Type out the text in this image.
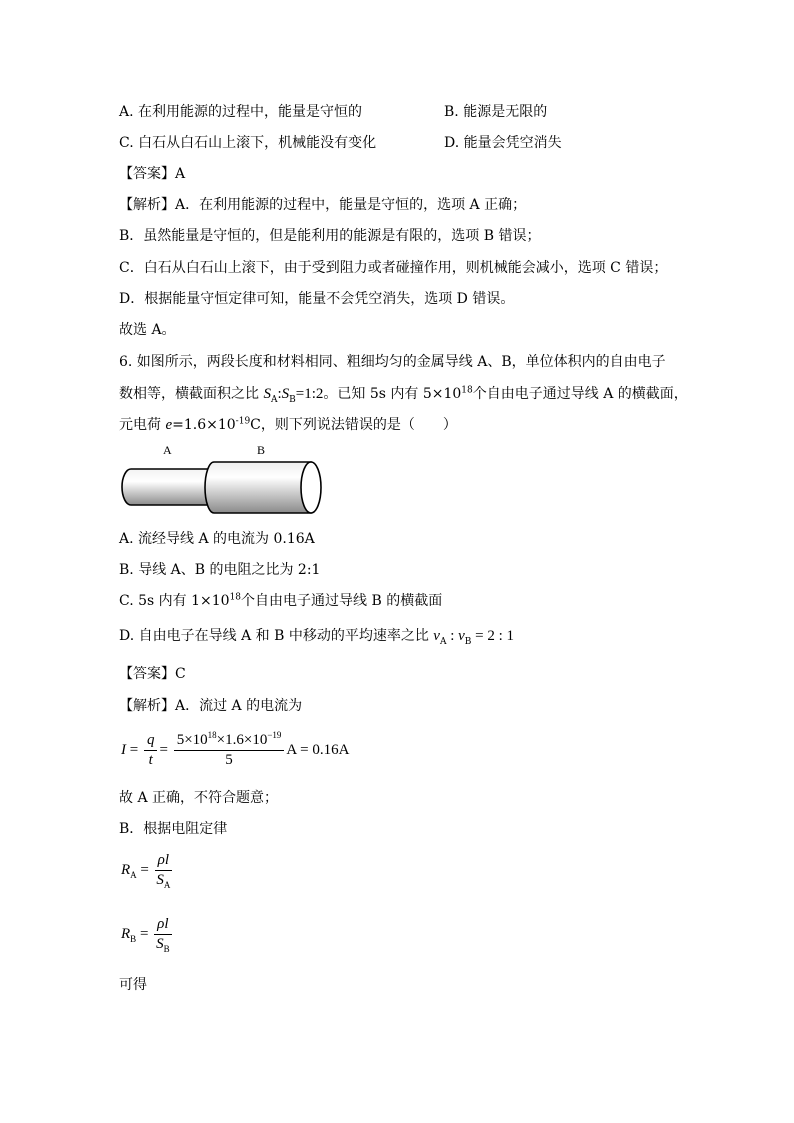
A. 在利用能源的过程中，能量是守恒的	B. 能源是无限的
C. 白石从白石山上滚下，机械能没有变化	D. 能量会凭空消失
【答案】A
【解析】A．在利用能源的过程中，能量是守恒的，选项 A 正确；
B．虽然能量是守恒的，但是能利用的能源是有限的，选项 B 错误；
C．白石从白石山上滚下，由于受到阻力或者碰撞作用，则机械能会减小，选项 C 错误；
D．根据能量守恒定律可知，能量不会凭空消失，选项 D 错误。
故选 A。
6. 如图所示，两段长度和材料相同、粗细均匀的金属导线 A、B，单位体积内的自由电子
数相等，横截面积之比 $S_A:S_B=1:2$。已知 5s 内有 $5\times 10^{18}$个自由电子通过导线 A 的横截面，
元电荷 $e=1.6\times 10^{-19}C$，则下列说法错误的是（　　）
A	B
A. 流经导线 A 的电流为 0.16A
B. 导线 A、B 的电阻之比为 2:1
C. 5s 内有 $1\times 10^{18}$个自由电子通过导线 B 的横截面
D. 自由电子在导线 A 和 B 中移动的平均速率之比 $v_A$ : $v_B = 2$ : 1
【答案】C
【解析】A．流过 A 的电流为
$I = \frac{q}{t} = \frac{5\times 10^{18}\times 1.6\times 10^{-19}}{5}$ A = 0.16A
故 A 正确，不符合题意；
B．根据电阻定律
$R_A = \frac{\rho l}{S_A}$
$R_B = \frac{\rho l}{S_B}$
可得
